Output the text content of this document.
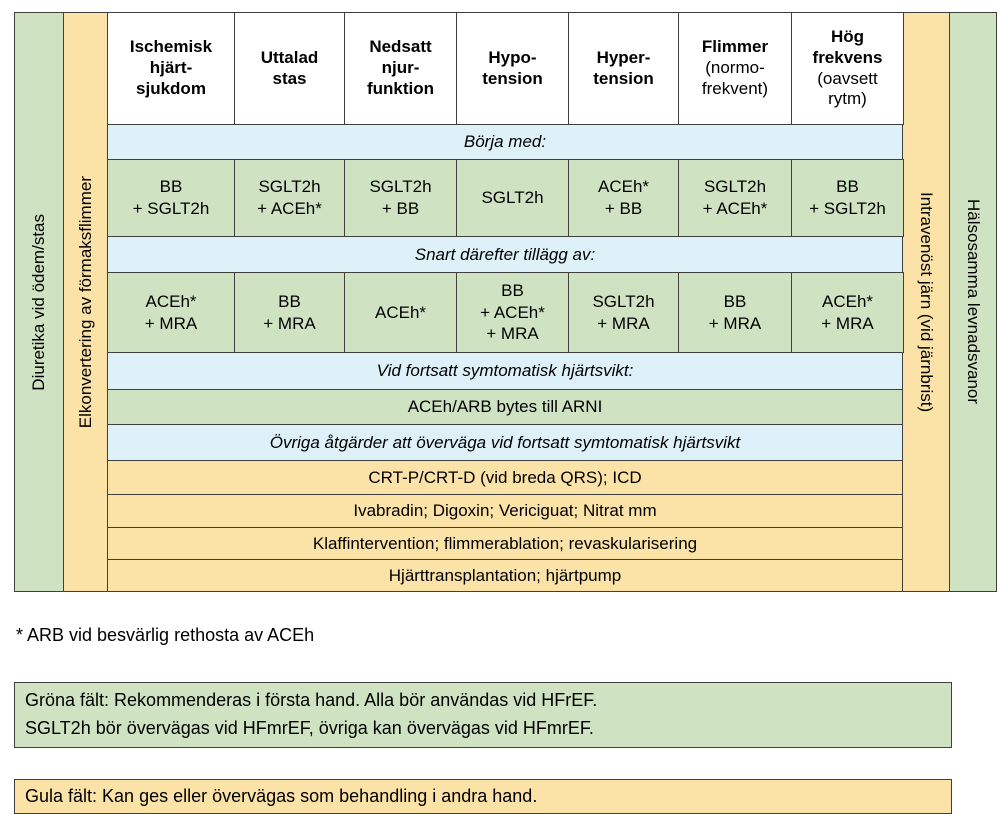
Diuretika vid ödem/stas Elkonvertering av förmaksflimmer	Intravenöst järn (vid järnbrist) Hälsosamma levnadsvanor
Ischemisk
hjärt-
sjukdom
Uttalad
stas
Nedsatt
njur-
funktion
Hypo-
tension
Hyper-
tension
Flimmer
(normo-
frekvent)
Hög
frekvens
(oavsett
rytm)
Börja med:
BB
+ SGLT2h
SGLT2h
+ ACEh*
SGLT2h
+ BB
SGLT2h
ACEh*
+ BB
SGLT2h
+ ACEh*
BB
+ SGLT2h
Snart därefter tillägg av:
ACEh*
+ MRA
BB
+ MRA
ACEh*
BB
+ ACEh*
+ MRA
SGLT2h
+ MRA
BB
+ MRA
ACEh*
+ MRA
Vid fortsatt symtomatisk hjärtsvikt:
ACEh/ARB bytes till ARNI
Övriga åtgärder att överväga vid fortsatt symtomatisk hjärtsvikt
CRT-P/CRT-D (vid breda QRS); ICD
Ivabradin; Digoxin; Vericiguat; Nitrat mm
Klaffintervention; flimmerablation; revaskularisering
Hjärttransplantation; hjärtpump
* ARB vid besvärlig rethosta av ACEh
Gröna fält: Rekommenderas i första hand. Alla bör användas vid HFrEF.
SGLT2h bör övervägas vid HFmrEF, övriga kan övervägas vid HFmrEF.
Gula fält: Kan ges eller övervägas som behandling i andra hand.
